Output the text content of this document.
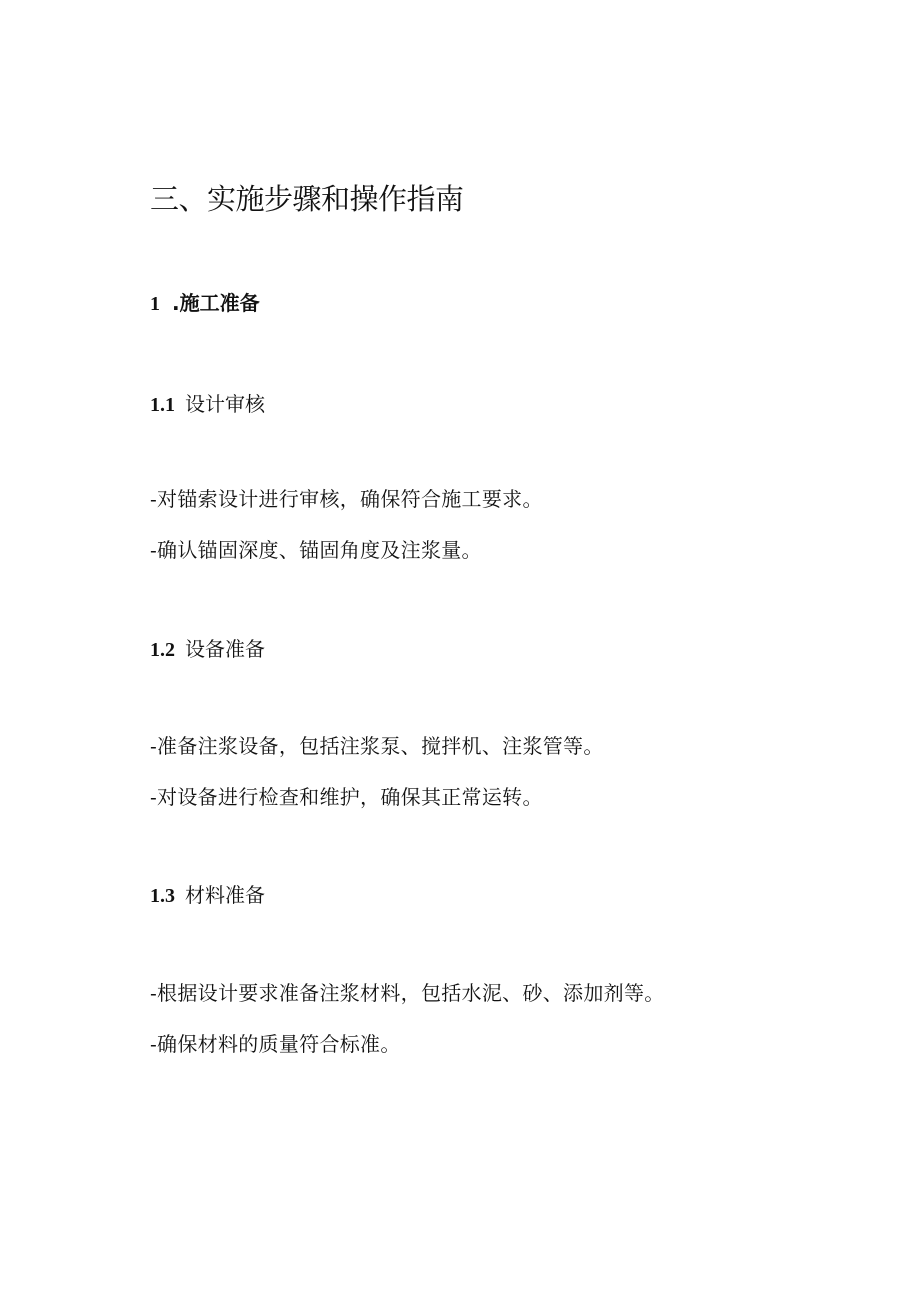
三、实施步骤和操作指南
1 .施工准备
1.1 设计审核
-对锚索设计进行审核，确保符合施工要求。
-确认锚固深度、锚固角度及注浆量。
1.2 设备准备
-准备注浆设备，包括注浆泵、搅拌机、注浆管等。
-对设备进行检查和维护，确保其正常运转。
1.3 材料准备
-根据设计要求准备注浆材料，包括水泥、砂、添加剂等。
-确保材料的质量符合标准。
